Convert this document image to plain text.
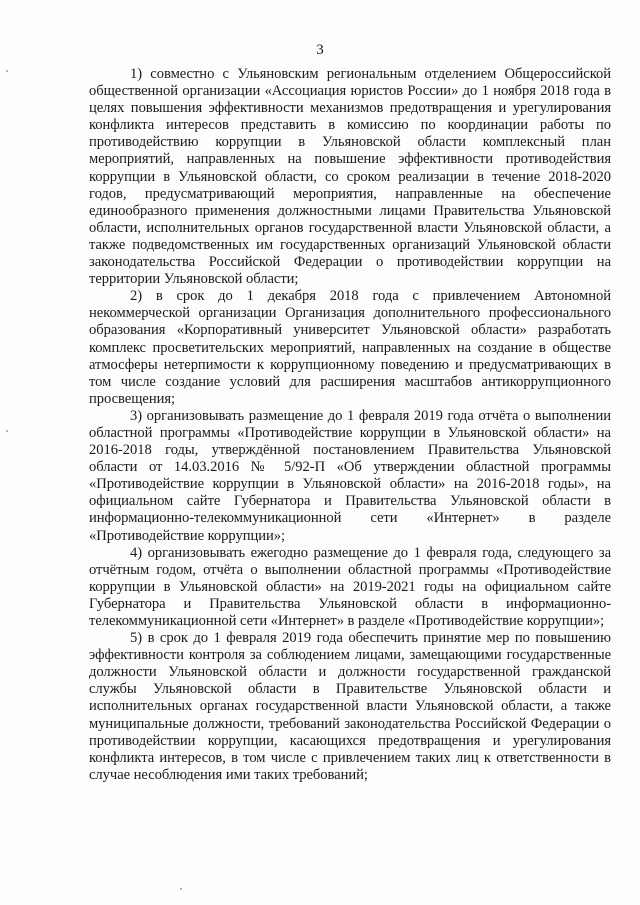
3

1) совместно с Ульяновским региональным отделением Общероссийской общественной организации «Ассоциация юристов России» до 1 ноября 2018 года в целях повышения эффективности механизмов предотвращения и урегулирования конфликта интересов представить в комиссию по координации работы по противодействию коррупции в Ульяновской области комплексный план мероприятий, направленных на повышение эффективности противодействия коррупции в Ульяновской области, со сроком реализации в течение 2018-2020 годов, предусматривающий мероприятия, направленные на обеспечение единообразного применения должностными лицами Правительства Ульяновской области, исполнительных органов государственной власти Ульяновской области, а также подведомственных им государственных организаций Ульяновской области законодательства Российской Федерации о противодействии коррупции на территории Ульяновской области;

2) в срок до 1 декабря 2018 года с привлечением Автономной некоммерческой организации Организация дополнительного профессионального образования «Корпоративный университет Ульяновской области» разработать комплекс просветительских мероприятий, направленных на создание в обществе атмосферы нетерпимости к коррупционному поведению и предусматривающих в том числе создание условий для расширения масштабов антикоррупционного просвещения;

3) организовывать размещение до 1 февраля 2019 года отчёта о выполнении областной программы «Противодействие коррупции в Ульяновской области» на 2016-2018 годы, утверждённой постановлением Правительства Ульяновской области от 14.03.2016 № 5/92-П «Об утверждении областной программы «Противодействие коррупции в Ульяновской области» на 2016-2018 годы», на официальном сайте Губернатора и Правительства Ульяновской области в информационно-телекоммуникационной сети «Интернет» в разделе «Противодействие коррупции»;

4) организовывать ежегодно размещение до 1 февраля года, следующего за отчётным годом, отчёта о выполнении областной программы «Противодействие коррупции в Ульяновской области» на 2019-2021 годы на официальном сайте Губернатора и Правительства Ульяновской области в информационно-телекоммуникационной сети «Интернет» в разделе «Противодействие коррупции»;

5) в срок до 1 февраля 2019 года обеспечить принятие мер по повышению эффективности контроля за соблюдением лицами, замещающими государственные должности Ульяновской области и должности государственной гражданской службы Ульяновской области в Правительстве Ульяновской области и исполнительных органах государственной власти Ульяновской области, а также муниципальные должности, требований законодательства Российской Федерации о противодействии коррупции, касающихся предотвращения и урегулирования конфликта интересов, в том числе с привлечением таких лиц к ответственности в случае несоблюдения ими таких требований;
